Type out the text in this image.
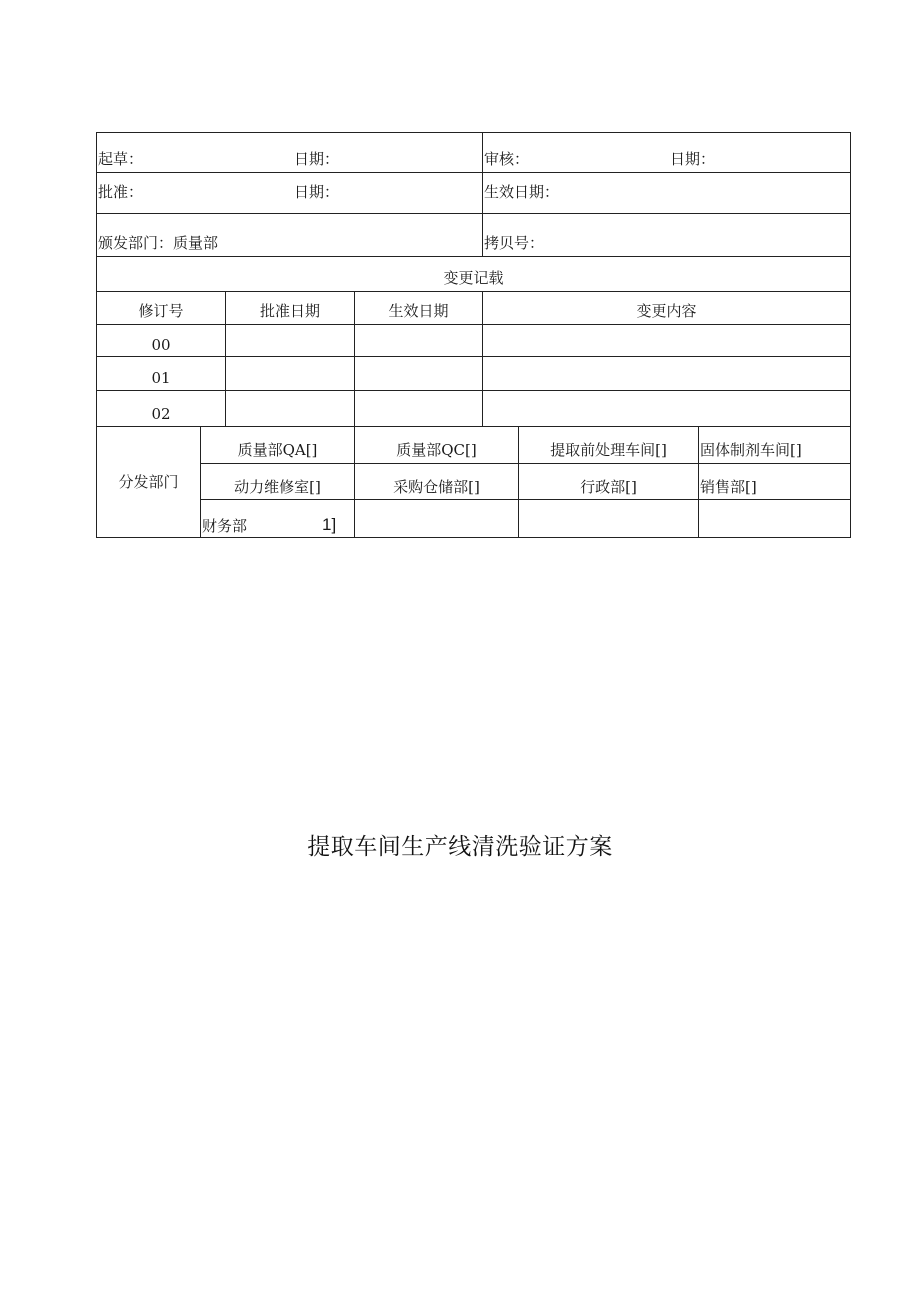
起草：	日期：	审核：	日期：
批准：	日期：	生效日期：
颁发部门：质量部	拷贝号：
变更记载
修订号	批准日期	生效日期	变更内容
00
01
02
分发部门
质量部QA[]	质量部QC[]	提取前处理车间[]	固体制剂车间[]
动力维修室[]	采购仓储部[]	行政部[]	销售部[]
财务部	1]
提取车间生产线清洗验证方案
